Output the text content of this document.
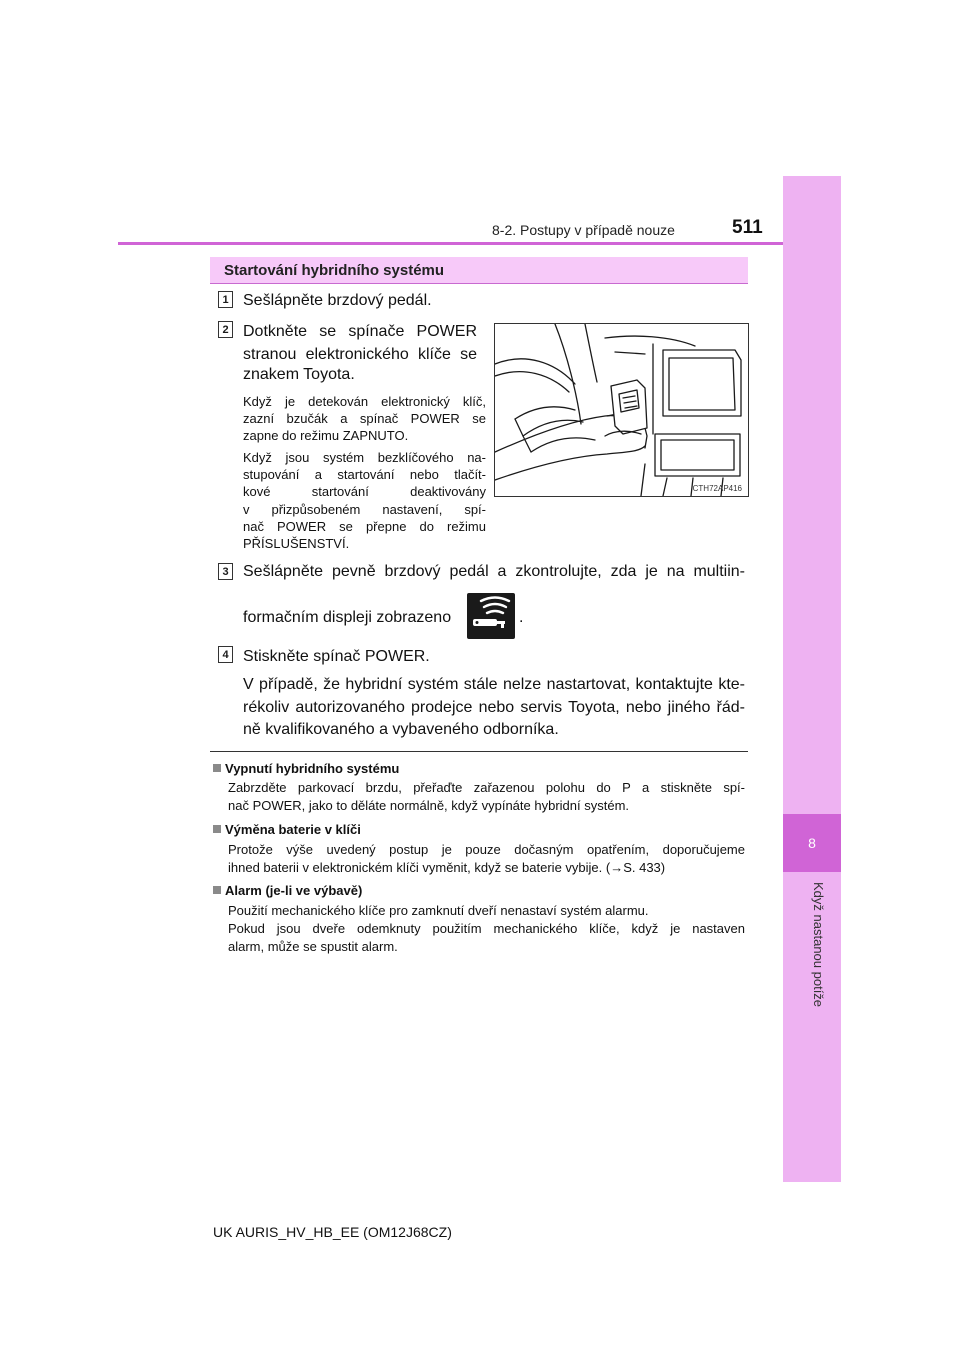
8
Když nastanou potíže
8-2. Postupy v případě nouze	511
Startování hybridního systému
1 Sešlápněte brzdový pedál.
2 Dotkněte se spínače POWER
stranou elektronického klíče se
znakem Toyota.
Když je detekován elektronický klíč,
zazní bzučák a spínač POWER se
zapne do režimu ZAPNUTO.
Když jsou systém bezklíčového na-
stupování a startování nebo tlačít-
kové startování deaktivovány
v přizpůsobeném nastavení, spí-
nač POWER se přepne do režimu
PŘÍSLUŠENSTVÍ.
CTH72AP416
3 Sešlápněte pevně brzdový pedál a zkontrolujte, zda je na multiin-
formačním displeji zobrazeno	.
4 Stiskněte spínač POWER.
V případě, že hybridní systém stále nelze nastartovat, kontaktujte kte-
rékoliv autorizovaného prodejce nebo servis Toyota, nebo jiného řád-
ně kvalifikovaného a vybaveného odborníka.
Vypnutí hybridního systému
Zabrzděte parkovací brzdu, přeřaďte zařazenou polohu do P a stiskněte spí-
nač POWER, jako to děláte normálně, když vypínáte hybridní systém.
Výměna baterie v klíči
Protože výše uvedený postup je pouze dočasným opatřením, doporučujeme
ihned baterii v elektronickém klíči vyměnit, když se baterie vybije. (→S. 433)
Alarm (je-li ve výbavě)
Použití mechanického klíče pro zamknutí dveří nenastaví systém alarmu.
Pokud jsou dveře odemknuty použitím mechanického klíče, když je nastaven
alarm, může se spustit alarm.
UK AURIS_HV_HB_EE (OM12J68CZ)
